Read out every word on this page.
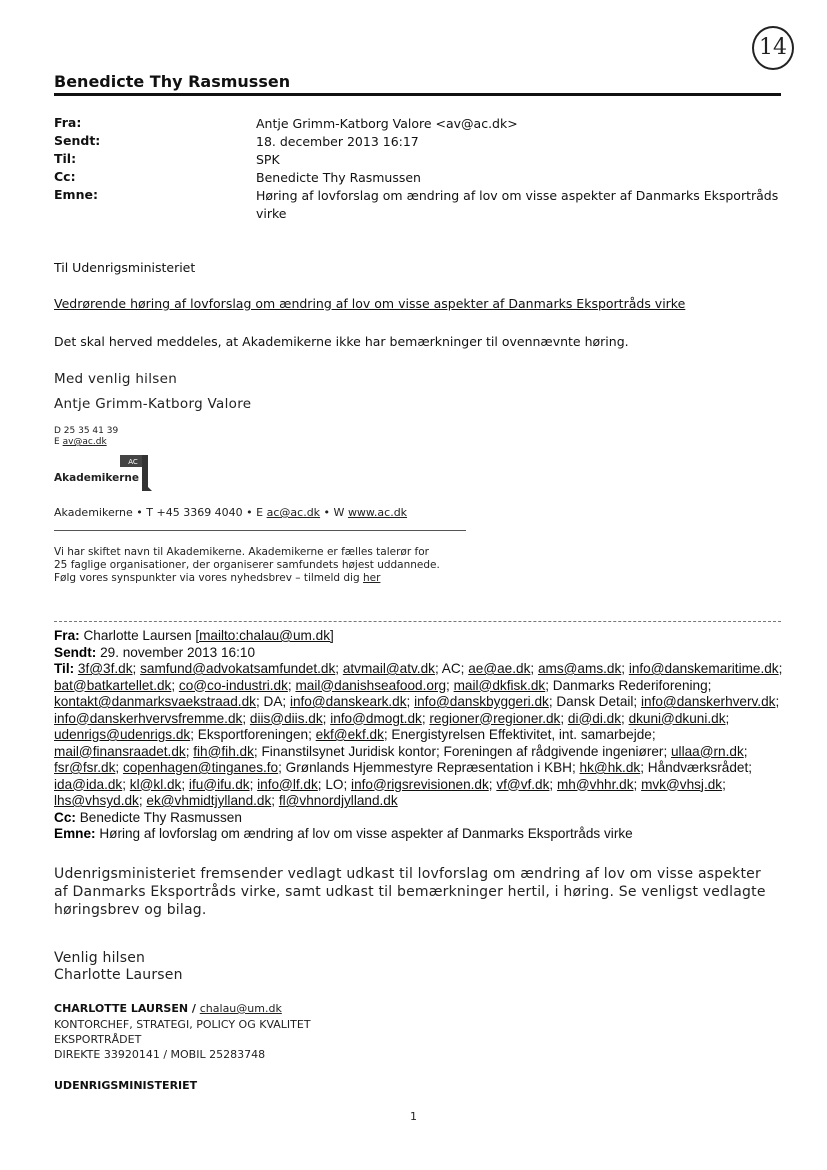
14
Benedicte Thy Rasmussen
Fra:	Antje Grimm-Katborg Valore <av@ac.dk>
Sendt:	18. december 2013 16:17
Til:	SPK
Cc:	Benedicte Thy Rasmussen
Emne:	Høring af lovforslag om ændring af lov om visse aspekter af Danmarks Eksportråds virke
Til Udenrigsministeriet
Vedrørende høring af lovforslag om ændring af lov om visse aspekter af Danmarks Eksportråds virke
Det skal herved meddeles, at Akademikerne ikke har bemærkninger til ovennævnte høring.
Med venlig hilsen
Antje Grimm-Katborg Valore
D 25 35 41 39
E av@ac.dk
AC
Akademikerne
Akademikerne • T +45 3369 4040 • E ac@ac.dk • W www.ac.dk
Vi har skiftet navn til Akademikerne. Akademikerne er fælles talerør for
25 faglige organisationer, der organiserer samfundets højest uddannede.
Følg vores synspunkter via vores nyhedsbrev – tilmeld dig her
Fra: Charlotte Laursen [mailto:chalau@um.dk]
Sendt: 29. november 2013 16:10
Til: 3f@3f.dk; samfund@advokatsamfundet.dk; atvmail@atv.dk; AC; ae@ae.dk; ams@ams.dk; info@danskemaritime.dk; bat@batkartellet.dk; co@co-industri.dk; mail@danishseafood.org; mail@dkfisk.dk; Danmarks Rederiforening; kontakt@danmarksvaekstraad.dk; DA; info@danskeark.dk; info@danskbyggeri.dk; Dansk Detail; info@danskerhverv.dk; info@danskerhvervsfremme.dk; diis@diis.dk; info@dmogt.dk; regioner@regioner.dk; di@di.dk; dkuni@dkuni.dk; udenrigs@udenrigs.dk; Eksportforeningen; ekf@ekf.dk; Energistyrelsen Effektivitet, int. samarbejde; mail@finansraadet.dk; fih@fih.dk; Finanstilsynet Juridisk kontor; Foreningen af rådgivende ingeniører; ullaa@rn.dk; fsr@fsr.dk; copenhagen@tinganes.fo; Grønlands Hjemmestyre Repræsentation i KBH; hk@hk.dk; Håndværksrådet; ida@ida.dk; kl@kl.dk; ifu@ifu.dk; info@lf.dk; LO; info@rigsrevisionen.dk; vf@vf.dk; mh@vhhr.dk; mvk@vhsj.dk; lhs@vhsyd.dk; ek@vhmidtjylland.dk; fl@vhnordjylland.dk
Cc: Benedicte Thy Rasmussen
Emne: Høring af lovforslag om ændring af lov om visse aspekter af Danmarks Eksportråds virke
Udenrigsministeriet fremsender vedlagt udkast til lovforslag om ændring af lov om visse aspekter af Danmarks Eksportråds virke, samt udkast til bemærkninger hertil, i høring. Se venligst vedlagte høringsbrev og bilag.
Venlig hilsen
Charlotte Laursen
CHARLOTTE LAURSEN / chalau@um.dk
KONTORCHEF, STRATEGI, POLICY OG KVALITET
EKSPORTRÅDET
DIREKTE 33920141 / MOBIL 25283748
UDENRIGSMINISTERIET
1
